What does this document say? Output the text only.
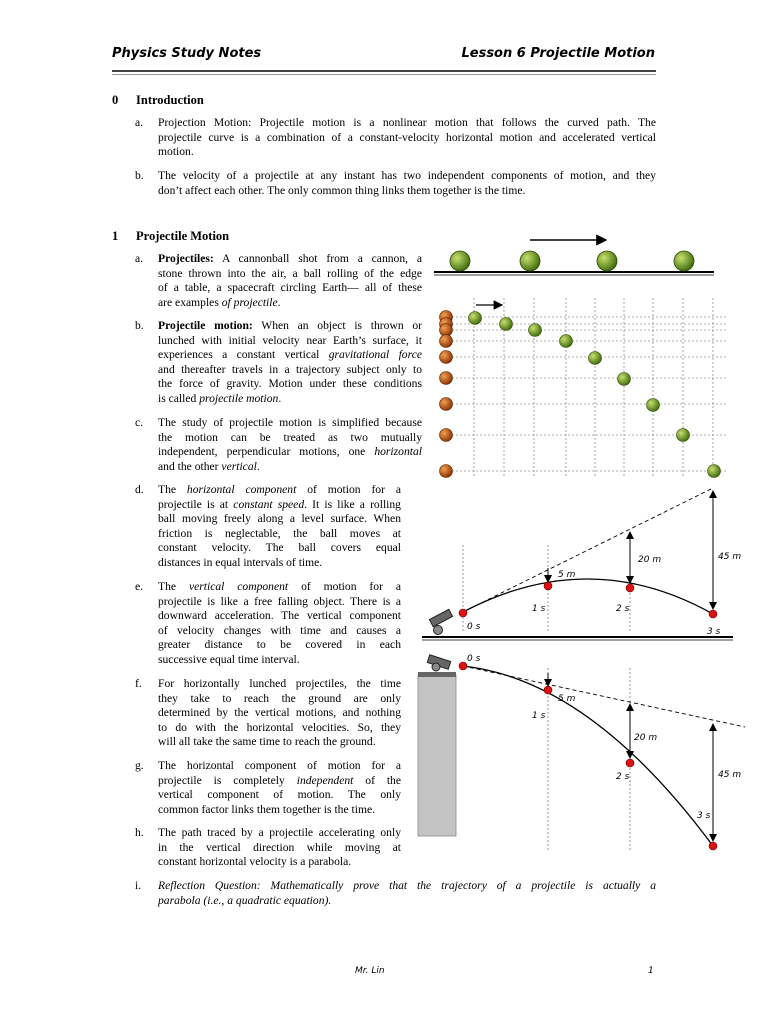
Physics Study Notes	Lesson 6 Projectile Motion
0 Introduction
a. Projection Motion: Projectile motion is a nonlinear motion that follows the curved path. The
projectile curve is a combination of a constant-velocity horizontal motion and accelerated vertical
motion.
b. The velocity of a projectile at any instant has two independent components of motion, and they
don’t affect each other. The only common thing links them together is the time.
1 Projectile Motion
a. Projectiles: A cannonball shot from a cannon, a
stone thrown into the air, a ball rolling of the edge
of a table, a spacecraft circling Earth— all of these
are examples of projectile.
b. Projectile motion: When an object is thrown or
lunched with initial velocity near Earth’s surface, it
experiences a constant vertical gravitational force
and thereafter travels in a trajectory subject only to
the force of gravity. Motion under these conditions
is called projectile motion.
c. The study of projectile motion is simplified because
the motion can be treated as two mutually
independent, perpendicular motions, one horizontal
and the other vertical.
d. The horizontal component of motion for a
projectile is at constant speed. It is like a rolling
ball moving freely along a level surface. When
friction is neglectable, the ball moves at
constant velocity. The ball covers equal
distances in equal intervals of time.
e. The vertical component of motion for a
projectile is like a free falling object. There is a
downward acceleration. The vertical component
of velocity changes with time and causes a
greater distance to be covered in each
successive equal time interval.
f. For horizontally lunched projectiles, the time
they take to reach the ground are only
determined by the vertical motions, and nothing
to do with the horizontal velocities. So, they
will all take the same time to reach the ground.
g. The horizontal component of motion for a
projectile is completely independent of the
vertical component of motion. The only
common factor links them together is the time.
h. The path traced by a projectile accelerating only
in the vertical direction while moving at
constant horizontal velocity is a parabola.
i. Reflection Question: Mathematically prove that the trajectory of a projectile is actually a
parabola (i.e., a quadratic equation).
0 s
1 s	2 s
3 s
5 m
20 m	45 m
0 s
1 s
2 s
3 s
5 m
20 m
45 m
Mr. Lin	1
